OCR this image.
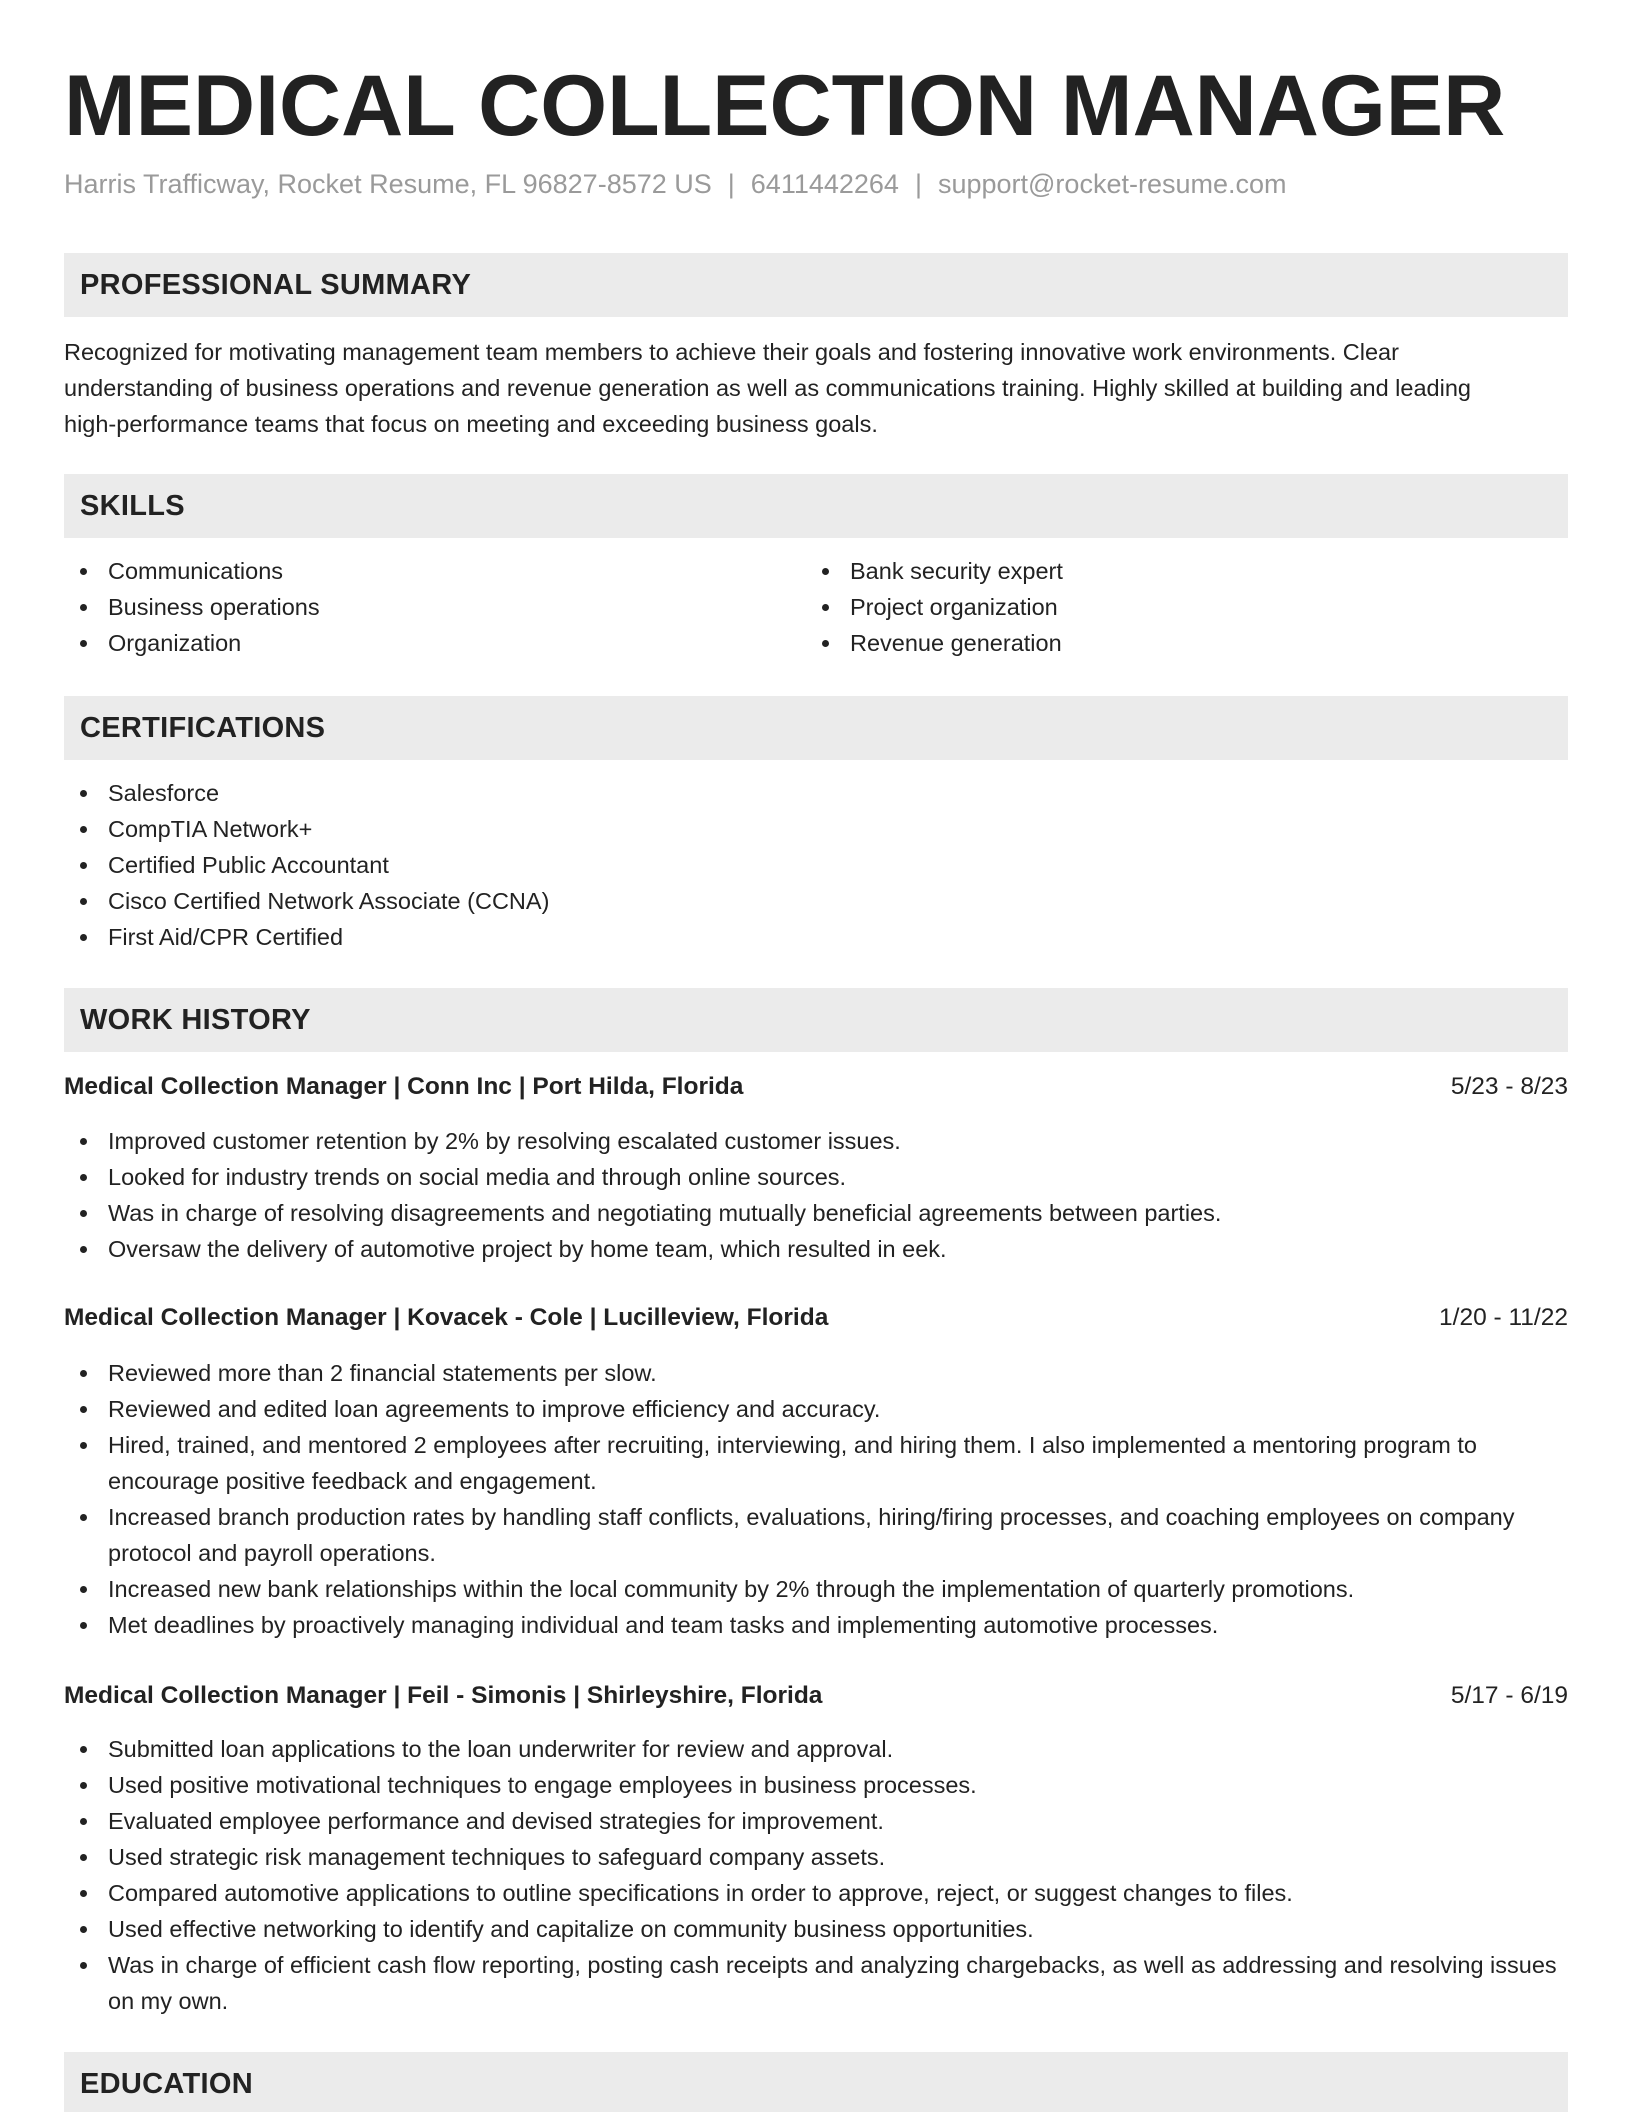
MEDICAL COLLECTION MANAGER
Harris Trafficway, Rocket Resume, FL 96827-8572 US | 6411442264 | support@rocket-resume.com
PROFESSIONAL SUMMARY
Recognized for motivating management team members to achieve their goals and fostering innovative work environments. Clear
understanding of business operations and revenue generation as well as communications training. Highly skilled at building and leading
high-performance teams that focus on meeting and exceeding business goals.
SKILLS
Communications
Business operations
Organization
Bank security expert
Project organization
Revenue generation
CERTIFICATIONS
Salesforce
CompTIA Network+
Certified Public Accountant
Cisco Certified Network Associate (CCNA)
First Aid/CPR Certified
WORK HISTORY
Medical Collection Manager | Conn Inc | Port Hilda, Florida	5/23 - 8/23
Improved customer retention by 2% by resolving escalated customer issues.
Looked for industry trends on social media and through online sources.
Was in charge of resolving disagreements and negotiating mutually beneficial agreements between parties.
Oversaw the delivery of automotive project by home team, which resulted in eek.
Medical Collection Manager | Kovacek - Cole | Lucilleview, Florida	1/20 - 11/22
Reviewed more than 2 financial statements per slow.
Reviewed and edited loan agreements to improve efficiency and accuracy.
Hired, trained, and mentored 2 employees after recruiting, interviewing, and hiring them. I also implemented a mentoring program to encourage positive feedback and engagement.
Increased branch production rates by handling staff conflicts, evaluations, hiring/firing processes, and coaching employees on company protocol and payroll operations.
Increased new bank relationships within the local community by 2% through the implementation of quarterly promotions.
Met deadlines by proactively managing individual and team tasks and implementing automotive processes.
Medical Collection Manager | Feil - Simonis | Shirleyshire, Florida	5/17 - 6/19
Submitted loan applications to the loan underwriter for review and approval.
Used positive motivational techniques to engage employees in business processes.
Evaluated employee performance and devised strategies for improvement.
Used strategic risk management techniques to safeguard company assets.
Compared automotive applications to outline specifications in order to approve, reject, or suggest changes to files.
Used effective networking to identify and capitalize on community business opportunities.
Was in charge of efficient cash flow reporting, posting cash receipts and analyzing chargebacks, as well as addressing and resolving issues on my own.
EDUCATION
